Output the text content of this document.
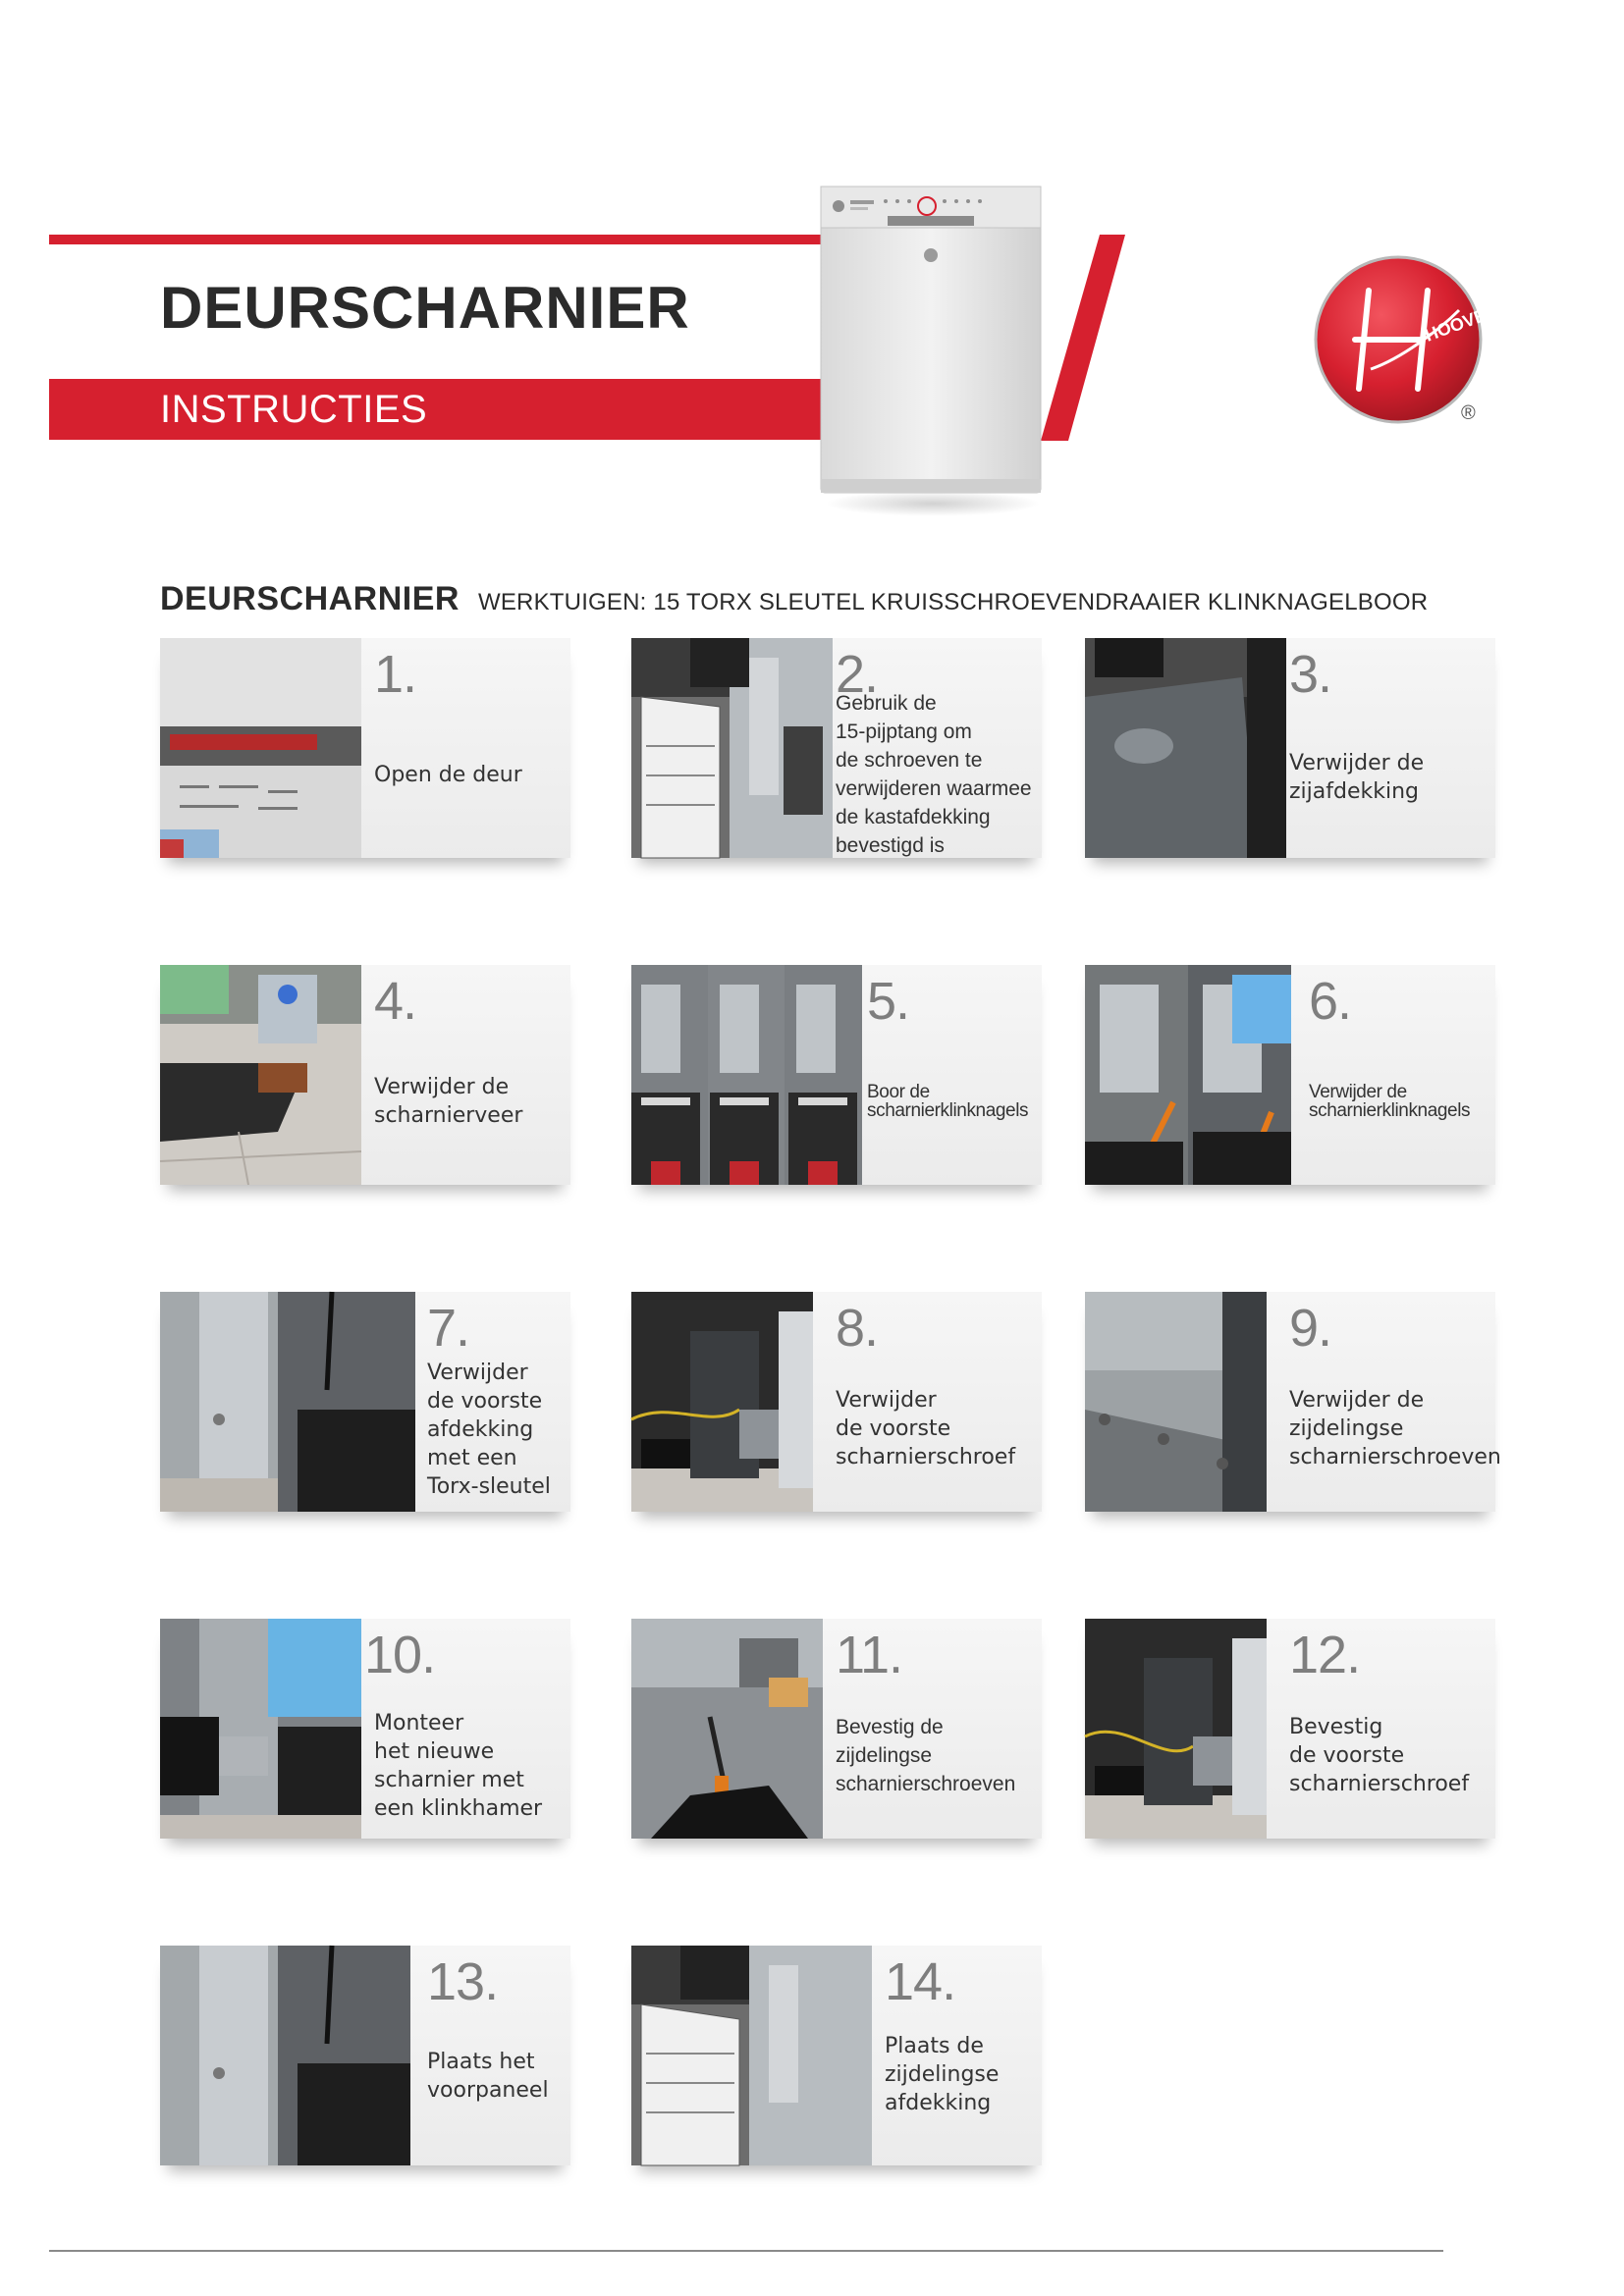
DEURSCHARNIER
INSTRUCTIES
HOOVER
®
DEURSCHARNIER WERKTUIGEN: 15 TORX SLEUTEL KRUISSCHROEVENDRAAIER KLINKNAGELBOOR
1.
Open de deur
2.
Gebruik de
15-pijptang om
de schroeven te
verwijderen waarmee
de kastafdekking
bevestigd is
3.
Verwijder de
zijafdekking
4.
Verwijder de
scharnierveer
5.
Boor de
scharnierklinknagels
6.
Verwijder de
scharnierklinknagels
7.
Verwijder
de voorste
afdekking
met een
Torx-sleutel
8.
Verwijder
de voorste
scharnierschroef
9.
Verwijder de
zijdelingse
scharnierschroeven
10.
Monteer
het nieuwe
scharnier met
een klinkhamer
11.
Bevestig de
zijdelingse
scharnierschroeven
12.
Bevestig
de voorste
scharnierschroef
13.
Plaats het
voorpaneel
14.
Plaats de
zijdelingse
afdekking
